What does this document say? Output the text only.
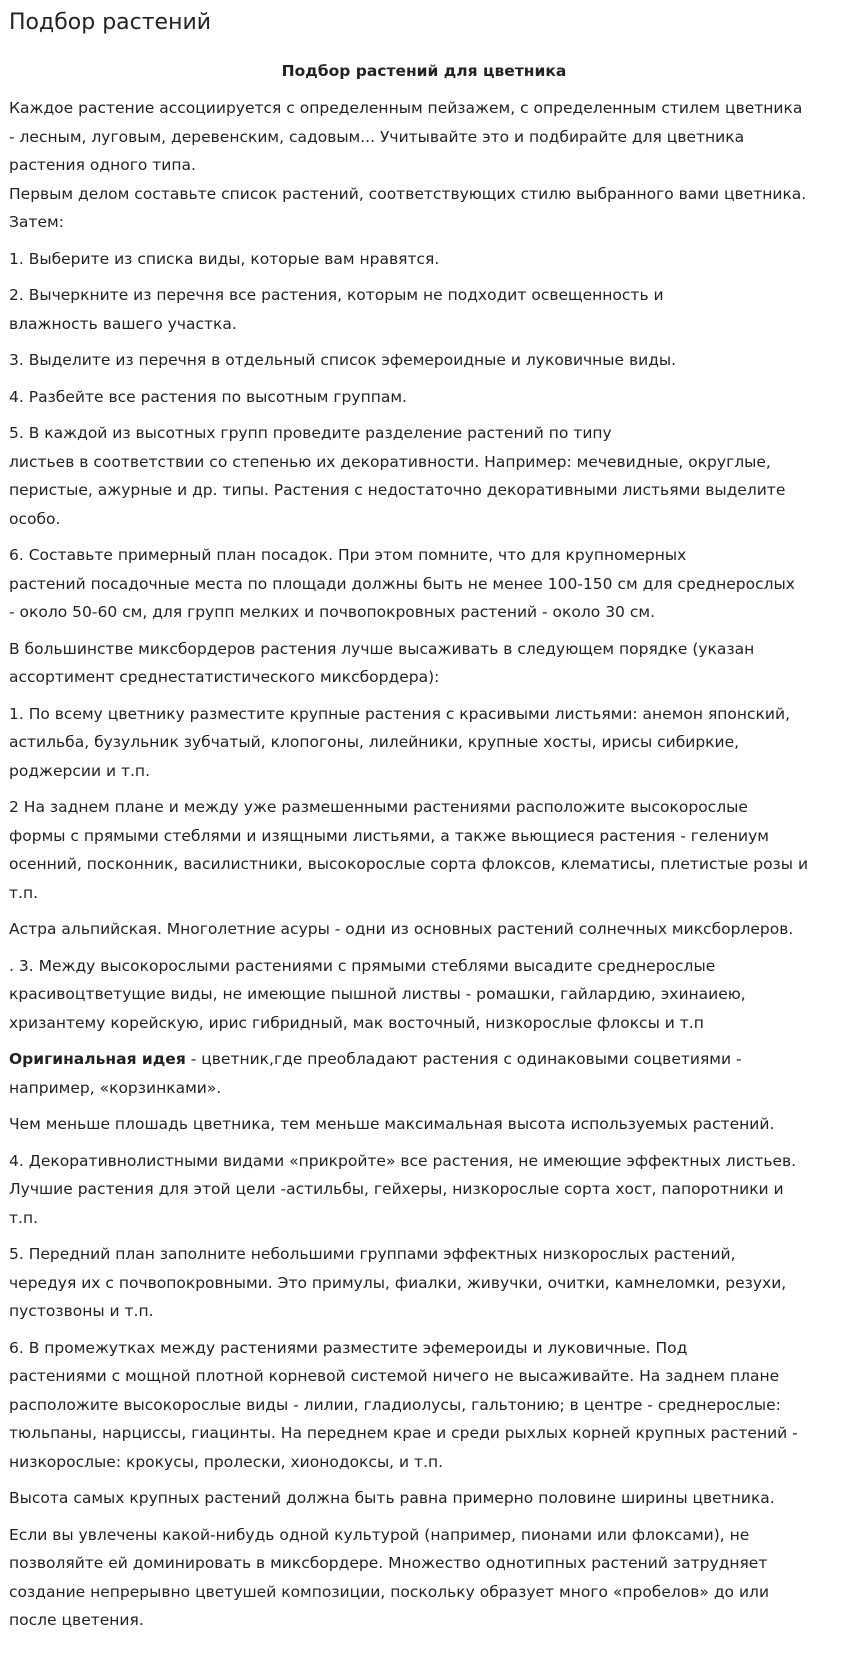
Подбор растений
Подбор растений для цветника

Каждое растение ассоциируется с определенным пейзажем, с определенным стилем цветника
- лесным, луговым, деревенским, садовым... Учитывайте это и подбирайте для цветника
растения одного типа.

Первым делом составьте список растений, соответствующих стилю выбранного вами цветника.
Затем:

1. Выберите из списка виды, которые вам нравятся.

2. Вычеркните из перечня все растения, которым не подходит освещенность и
влажность вашего участка.

3. Выделите из перечня в отдельный список эфемероидные и луковичные виды.

4. Разбейте все растения по высотным группам.

5. В каждой из высотных групп проведите разделение растений по типу
листьев в соответствии со степенью их декоративности. Например: мечевидные, округлые,
перистые, ажурные и др. типы. Растения с недостаточно декоративными листьями выделите
особо.

6. Составьте примерный план посадок. При этом помните, что для крупномерных
растений посадочные места по площади должны быть не менее 100-150 см для среднерослых
- около 50-60 см, для групп мелких и почвопокровных растений - около 30 см.

В большинстве миксбордеров растения лучше высаживать в следующем порядке (указан
ассортимент среднестатистического миксбордера):

1. По всему цветнику разместите крупные растения с красивыми листьями: анемон японский,
астильба, бузульник зубчатый, клопогоны, лилейники, крупные хосты, ирисы сибиркие,
роджерсии и т.п.

2 На заднем плане и между уже размешенными растениями расположите высокорослые
формы с прямыми стеблями и изящными листьями, а также вьющиеся растения - гелениум
осенний, посконник, василистники, высокорослые сорта флоксов, клематисы, плетистые розы и
т.п.

Астра альпийская. Многолетние асуры - одни из основных растений солнечных миксборлеров.

. 3. Между высокорослыми растениями с прямыми стеблями высадите среднерослые
красивоцтветущие виды, не имеющие пышной листвы - ромашки, гайлардию, эхинаиею,
хризантему корейскую, ирис гибридный, мак восточный, низкорослые флоксы и т.п

Оригинальная идея - цветник,где преобладают растения с одинаковыми соцветиями -
например, «корзинками».

Чем меньше плошадь цветника, тем меньше максимальная высота используемых растений.

4. Декоративнолистными видами «прикройте» все растения, не имеющие эффектных листьев.
Лучшие растения для этой цели -астильбы, гейхеры, низкорослые сорта хост, папоротники и
т.п.

5. Передний план заполните небольшими группами эффектных низкорослых растений,
чередуя их с почвопокровными. Это примулы, фиалки, живучки, очитки, камнеломки, резухи,
пустозвоны и т.п.

6. В промежутках между растениями разместите эфемероиды и луковичные. Под
растениями с мощной плотной корневой системой ничего не высаживайте. На заднем плане
расположите высокорослые виды - лилии, гладиолусы, гальтонию; в центре - среднерослые:
тюльпаны, нарциссы, гиацинты. На переднем крае и среди рыхлых корней крупных растений -
низкорослые: крокусы, пролески, хионодоксы, и т.п.

Высота самых крупных растений должна быть равна примерно половине ширины цветника.

Если вы увлечены какой-нибудь одной культурой (например, пионами или флоксами), не
позволяйте ей доминировать в миксбордере. Множество однотипных растений затрудняет
создание непрерывно цветушей композиции, поскольку образует много «пробелов» до или
после цветения.
